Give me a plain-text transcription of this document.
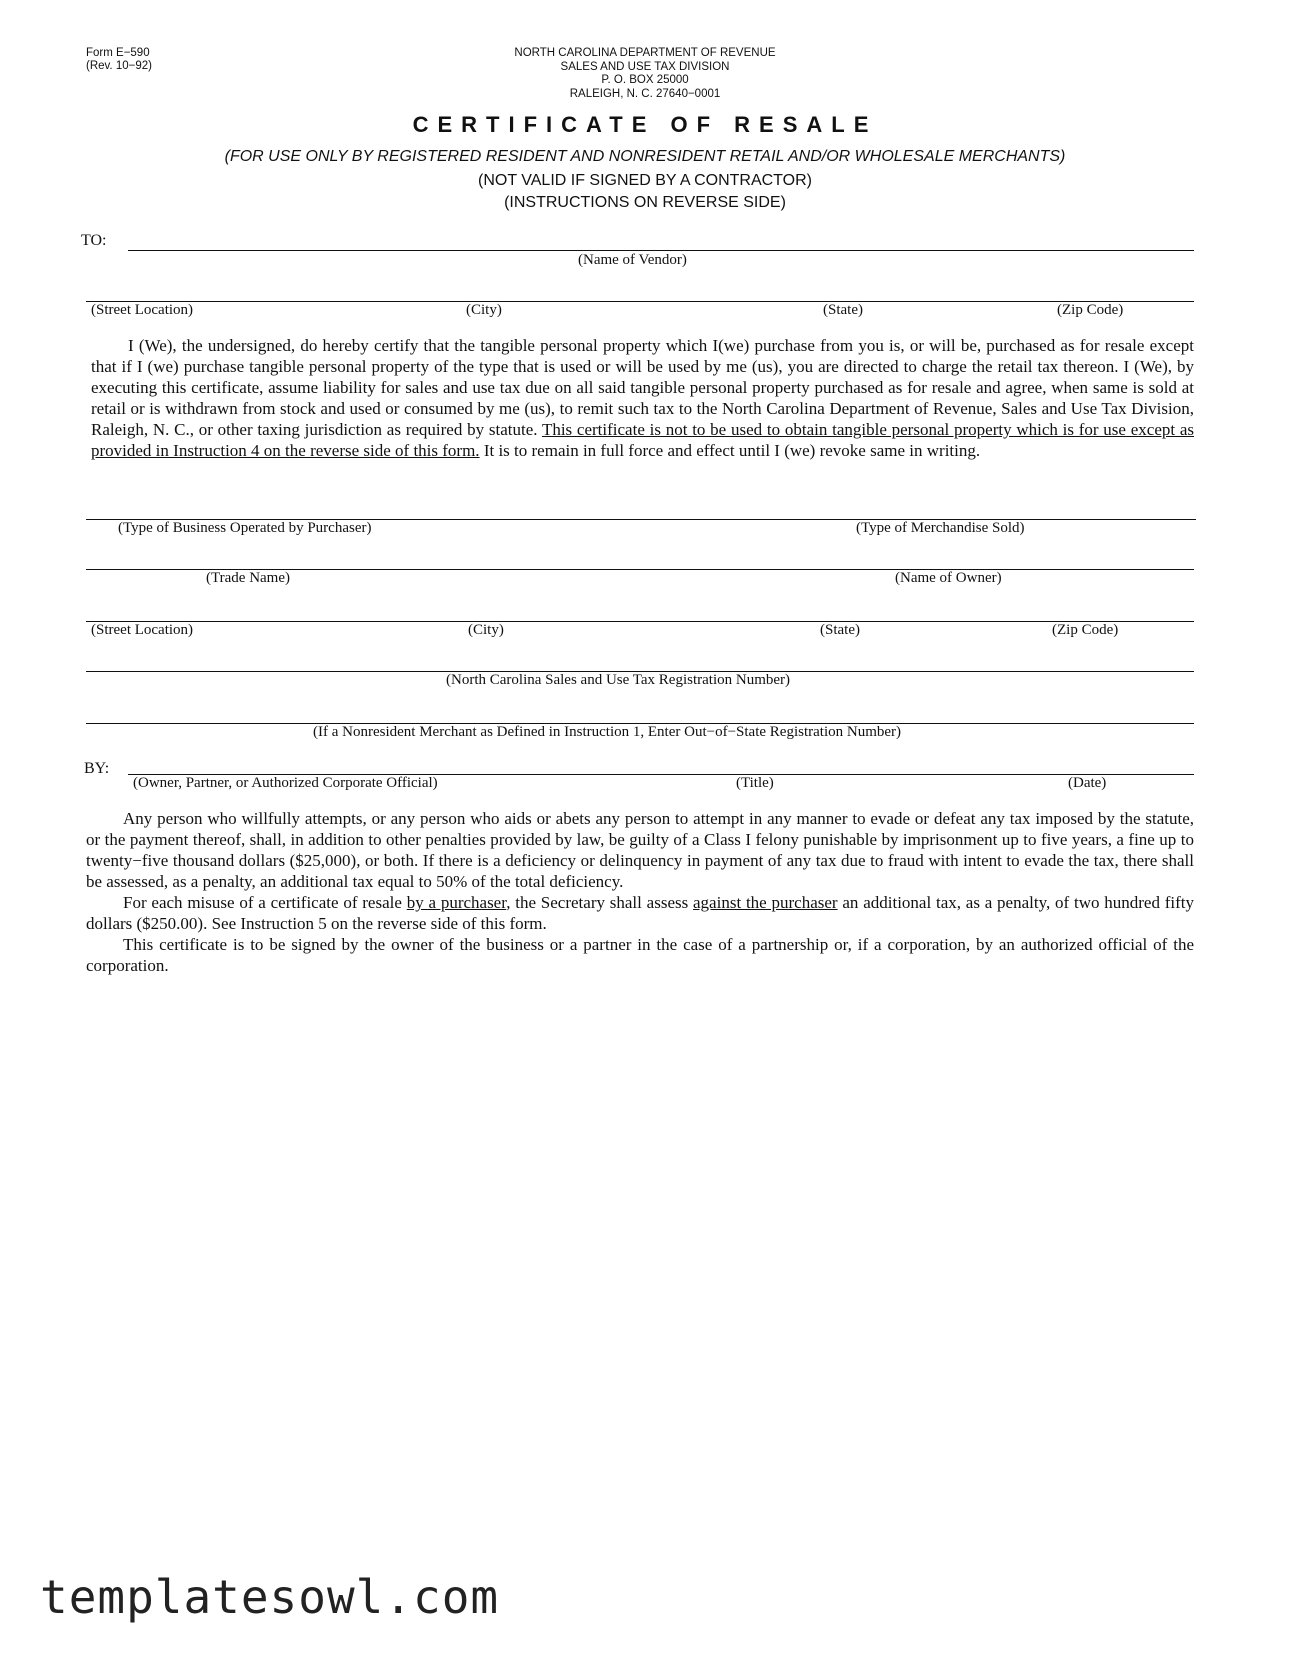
Form E−590
(Rev. 10−92)
NORTH CAROLINA DEPARTMENT OF REVENUE
SALES AND USE TAX DIVISION
P. O. BOX 25000
RALEIGH, N. C. 27640−0001
CERTIFICATE OF RESALE
(FOR USE ONLY BY REGISTERED RESIDENT AND NONRESIDENT RETAIL AND/OR WHOLESALE MERCHANTS)
(NOT VALID IF SIGNED BY A CONTRACTOR)
(INSTRUCTIONS ON REVERSE SIDE)
TO:
(Name of Vendor)
(Street Location)	(City)	(State)	(Zip Code)

I (We), the undersigned, do hereby certify that the tangible personal property which I(we) purchase from you is, or will be, purchased as for resale except that if I (we) purchase tangible personal property of the type that is used or will be used by me (us), you are directed to charge the retail tax thereon. I (We), by executing this certificate, assume liability for sales and use tax due on all said tangible personal property purchased as for resale and agree, when same is sold at retail or is withdrawn from stock and used or consumed by me (us), to remit such tax to the North Carolina Department of Revenue, Sales and Use Tax Division, Raleigh, N. C., or other taxing jurisdiction as required by statute. This certificate is not to be used to obtain tangible personal property which is for use except as provided in Instruction 4 on the reverse side of this form. It is to remain in full force and effect until I (we) revoke same in writing.

(Type of Business Operated by Purchaser)	(Type of Merchandise Sold)
(Trade Name)	(Name of Owner)
(Street Location)	(City)	(State)	(Zip Code)
(North Carolina Sales and Use Tax Registration Number)
(If a Nonresident Merchant as Defined in Instruction 1, Enter Out−of−State Registration Number)
BY:
(Owner, Partner, or Authorized Corporate Official)	(Title)	(Date)

Any person who willfully attempts, or any person who aids or abets any person to attempt in any manner to evade or defeat any tax imposed by the statute, or the payment thereof, shall, in addition to other penalties provided by law, be guilty of a Class I felony punishable by imprisonment up to five years, a fine up to twenty−five thousand dollars ($25,000), or both. If there is a deficiency or delinquency in payment of any tax due to fraud with intent to evade the tax, there shall be assessed, as a penalty, an additional tax equal to 50% of the total deficiency.

For each misuse of a certificate of resale by a purchaser, the Secretary shall assess against the purchaser an additional tax, as a penalty, of two hundred fifty dollars ($250.00). See Instruction 5 on the reverse side of this form.

This certificate is to be signed by the owner of the business or a partner in the case of a partnership or, if a corporation, by an authorized official of the corporation.

templatesowl.com
